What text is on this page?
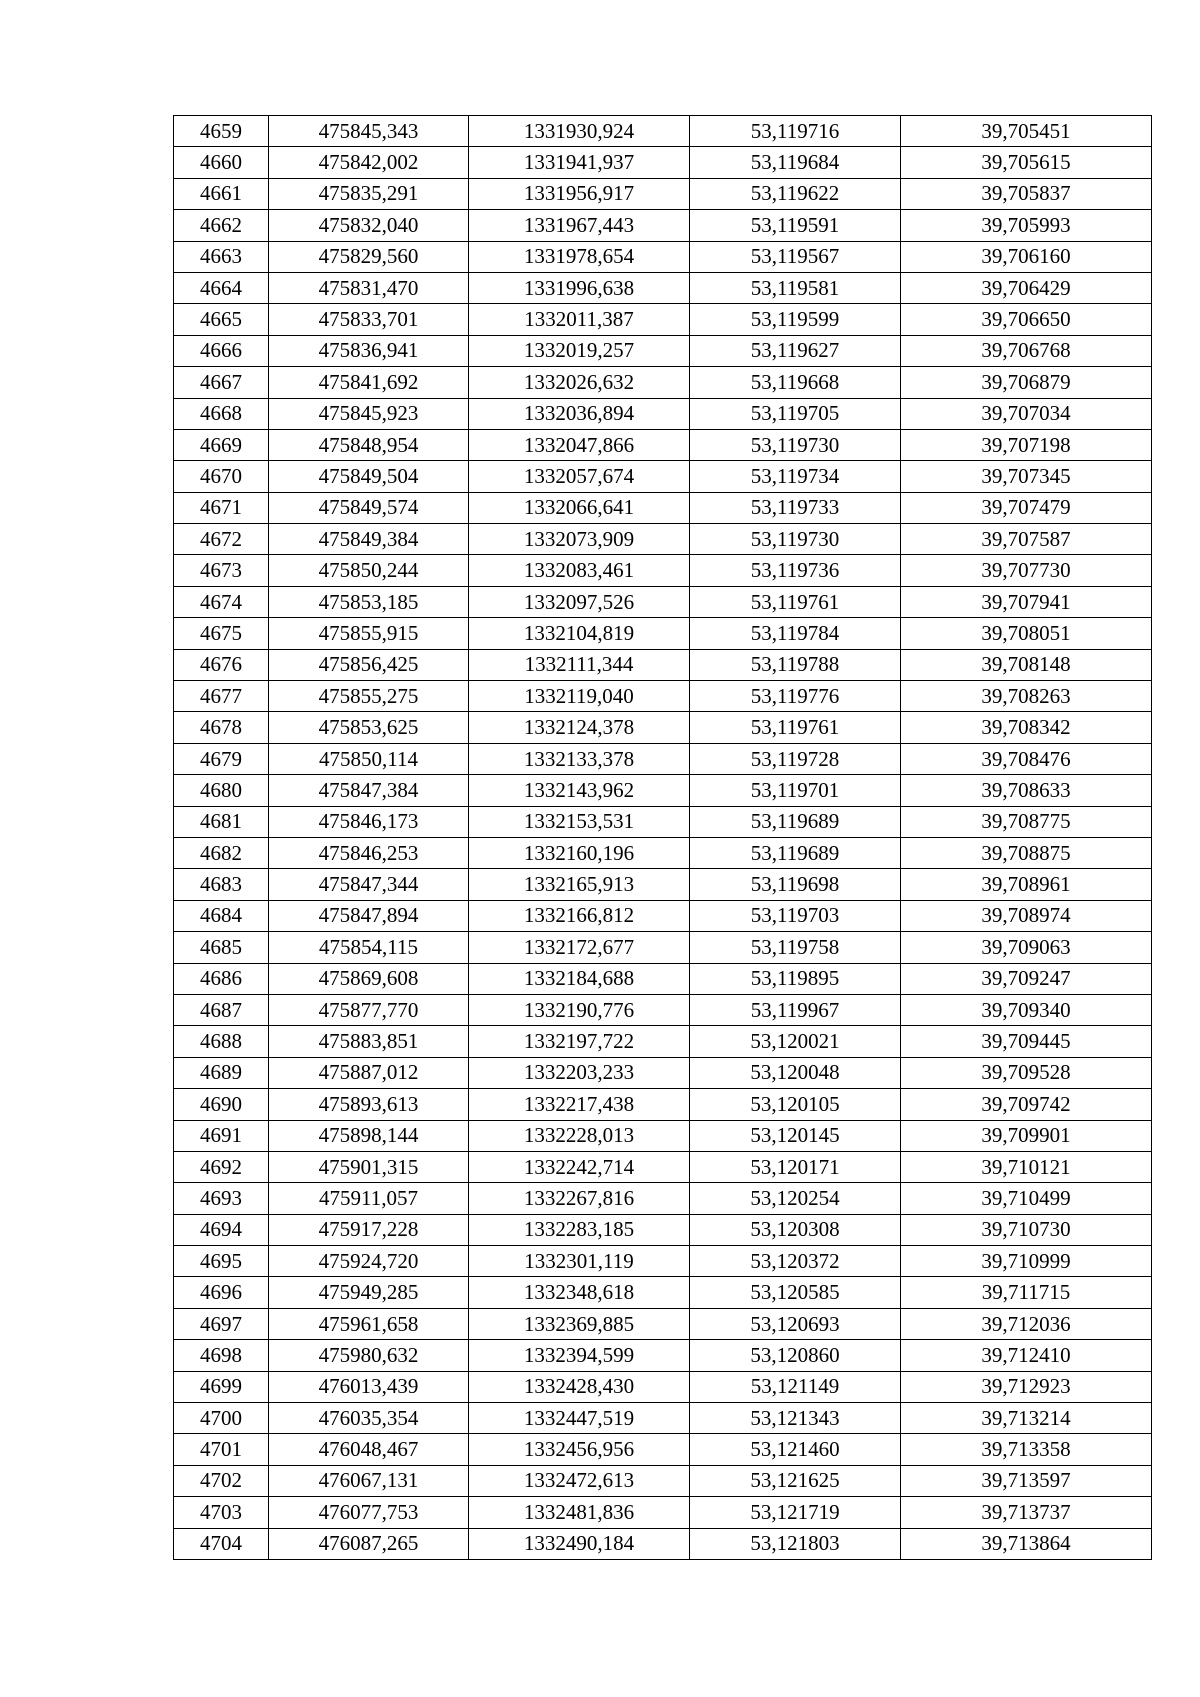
4659	475845,343	1331930,924	53,119716	39,705451
4660	475842,002	1331941,937	53,119684	39,705615
4661	475835,291	1331956,917	53,119622	39,705837
4662	475832,040	1331967,443	53,119591	39,705993
4663	475829,560	1331978,654	53,119567	39,706160
4664	475831,470	1331996,638	53,119581	39,706429
4665	475833,701	1332011,387	53,119599	39,706650
4666	475836,941	1332019,257	53,119627	39,706768
4667	475841,692	1332026,632	53,119668	39,706879
4668	475845,923	1332036,894	53,119705	39,707034
4669	475848,954	1332047,866	53,119730	39,707198
4670	475849,504	1332057,674	53,119734	39,707345
4671	475849,574	1332066,641	53,119733	39,707479
4672	475849,384	1332073,909	53,119730	39,707587
4673	475850,244	1332083,461	53,119736	39,707730
4674	475853,185	1332097,526	53,119761	39,707941
4675	475855,915	1332104,819	53,119784	39,708051
4676	475856,425	1332111,344	53,119788	39,708148
4677	475855,275	1332119,040	53,119776	39,708263
4678	475853,625	1332124,378	53,119761	39,708342
4679	475850,114	1332133,378	53,119728	39,708476
4680	475847,384	1332143,962	53,119701	39,708633
4681	475846,173	1332153,531	53,119689	39,708775
4682	475846,253	1332160,196	53,119689	39,708875
4683	475847,344	1332165,913	53,119698	39,708961
4684	475847,894	1332166,812	53,119703	39,708974
4685	475854,115	1332172,677	53,119758	39,709063
4686	475869,608	1332184,688	53,119895	39,709247
4687	475877,770	1332190,776	53,119967	39,709340
4688	475883,851	1332197,722	53,120021	39,709445
4689	475887,012	1332203,233	53,120048	39,709528
4690	475893,613	1332217,438	53,120105	39,709742
4691	475898,144	1332228,013	53,120145	39,709901
4692	475901,315	1332242,714	53,120171	39,710121
4693	475911,057	1332267,816	53,120254	39,710499
4694	475917,228	1332283,185	53,120308	39,710730
4695	475924,720	1332301,119	53,120372	39,710999
4696	475949,285	1332348,618	53,120585	39,711715
4697	475961,658	1332369,885	53,120693	39,712036
4698	475980,632	1332394,599	53,120860	39,712410
4699	476013,439	1332428,430	53,121149	39,712923
4700	476035,354	1332447,519	53,121343	39,713214
4701	476048,467	1332456,956	53,121460	39,713358
4702	476067,131	1332472,613	53,121625	39,713597
4703	476077,753	1332481,836	53,121719	39,713737
4704	476087,265	1332490,184	53,121803	39,713864
